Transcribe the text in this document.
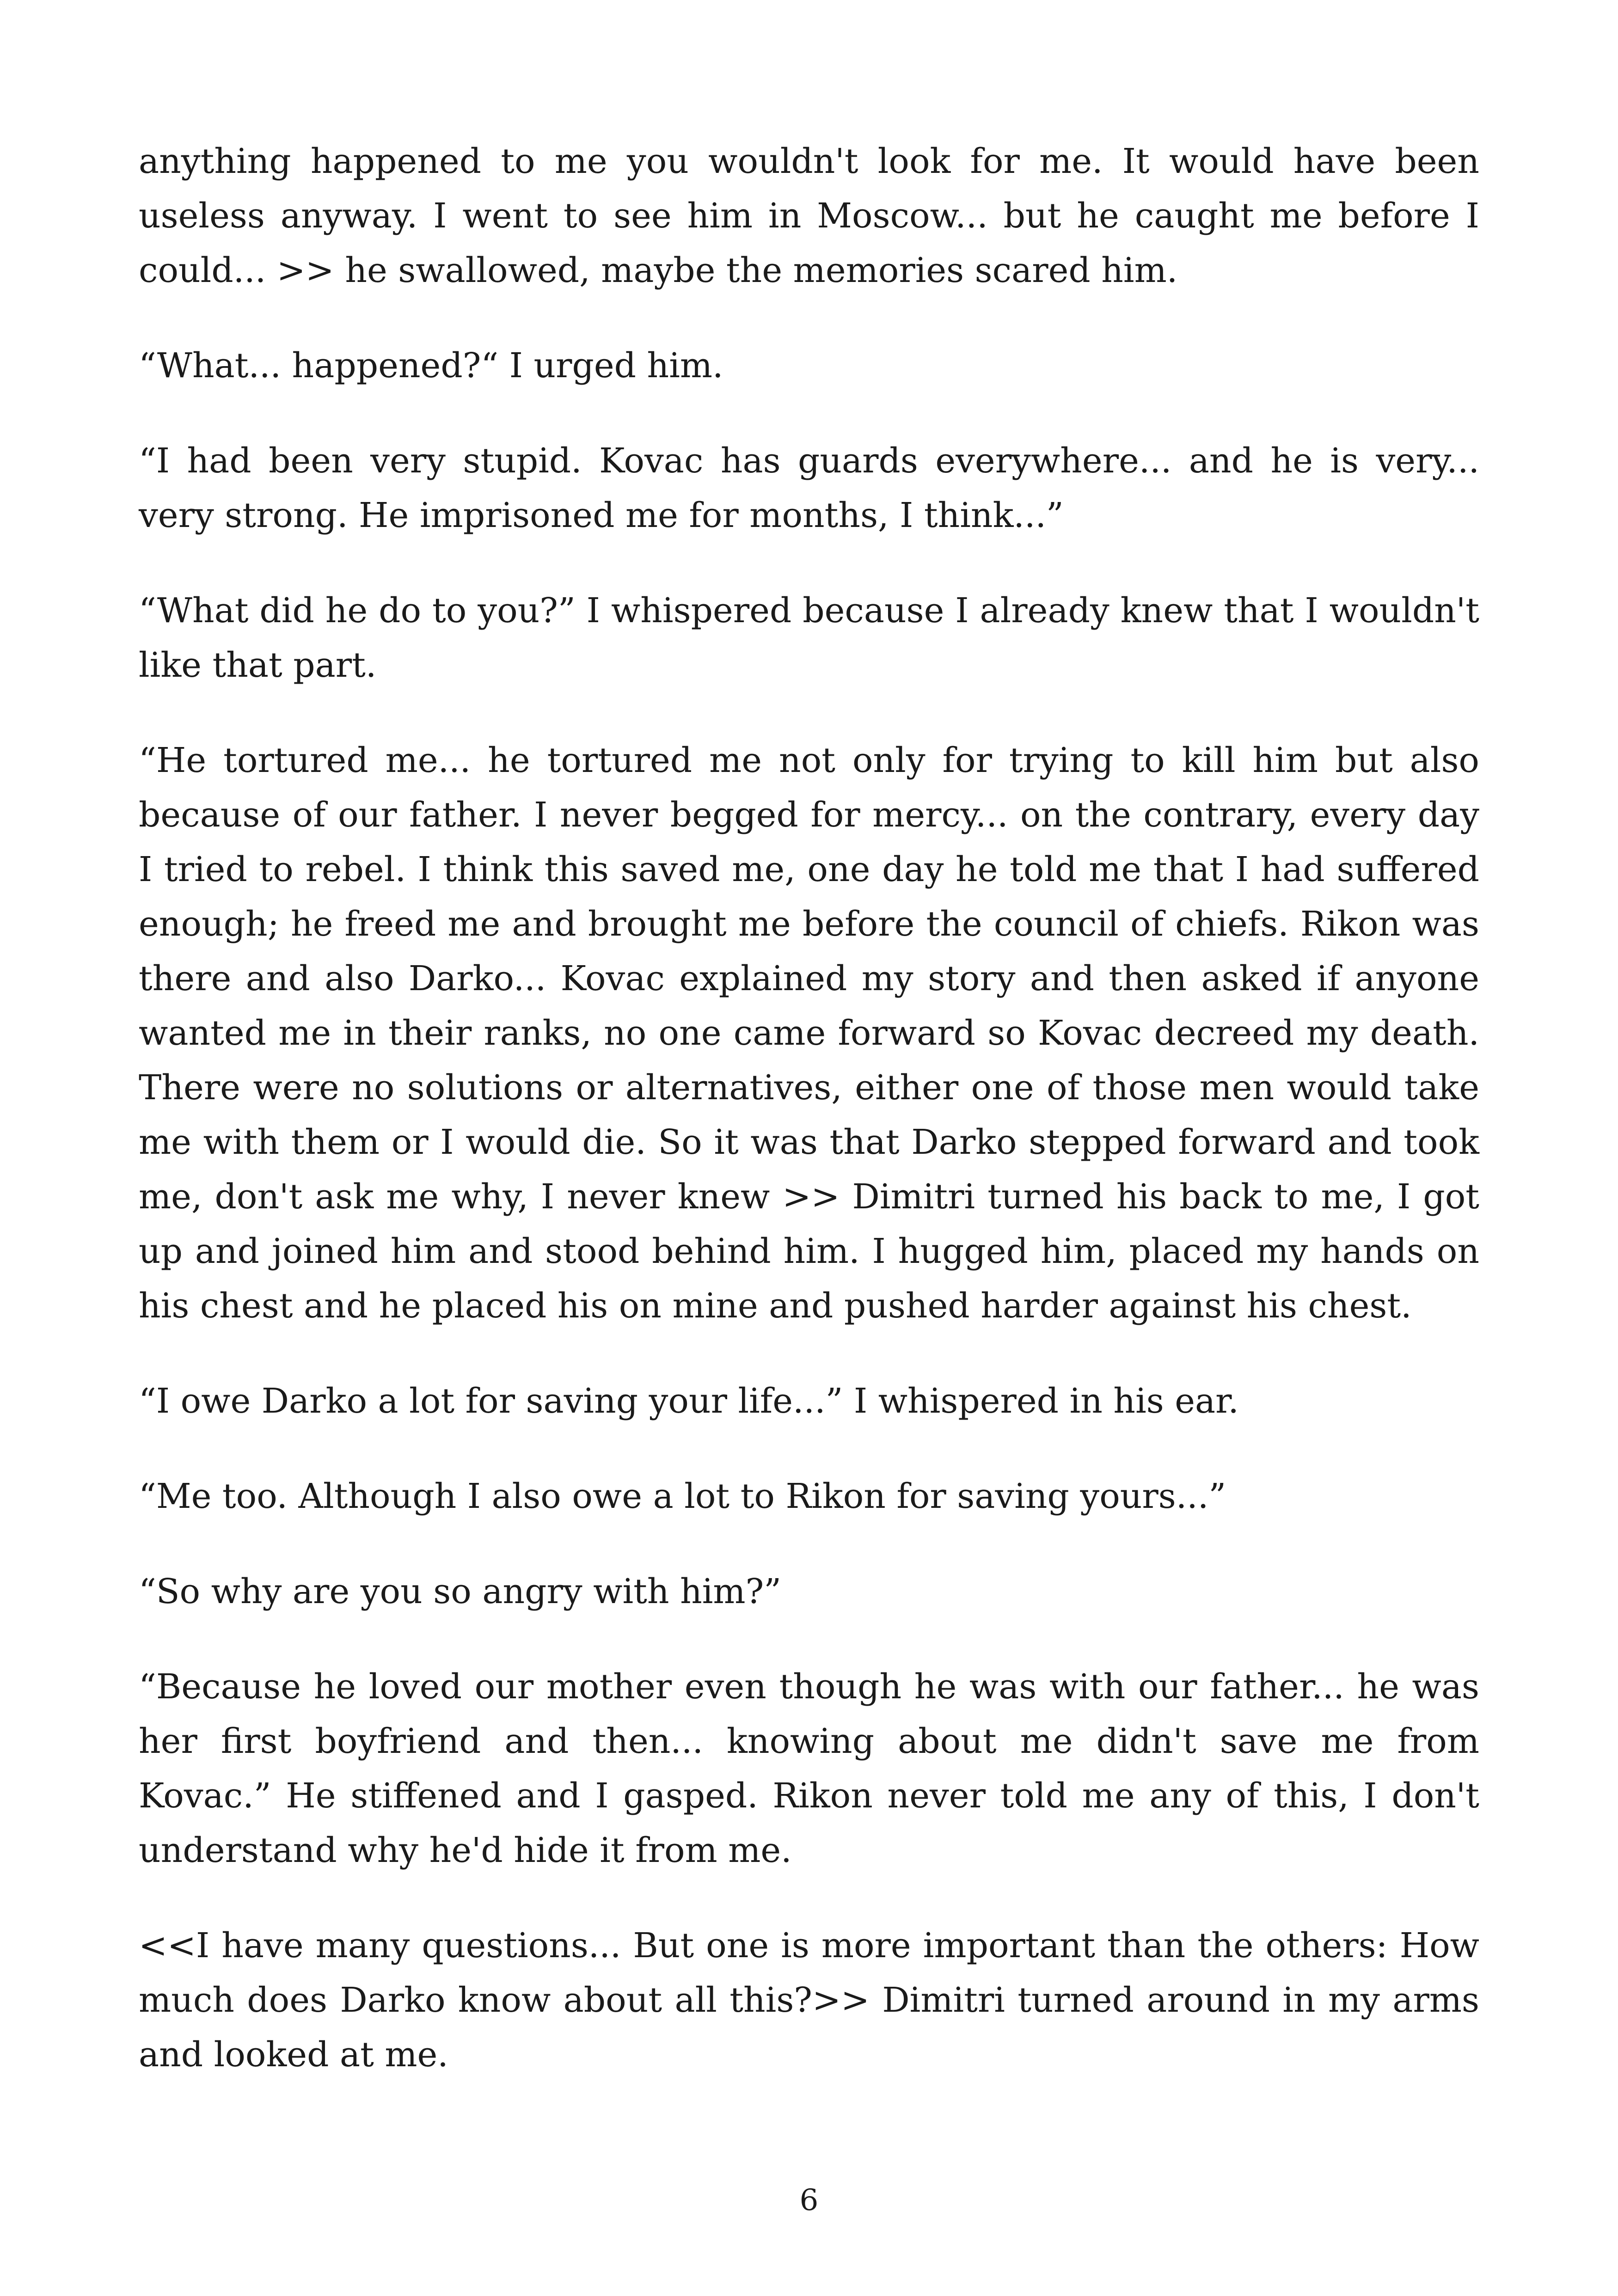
anything happened to me you wouldn't look for me. It would have been useless anyway. I went to see him in Moscow... but he caught me before I could... >> he swallowed, maybe the memories scared him.

“What... happened?“ I urged him.

“I had been very stupid. Kovac has guards everywhere... and he is very... very strong. He imprisoned me for months, I think...”

“What did he do to you?” I whispered because I already knew that I wouldn't like that part.

“He tortured me... he tortured me not only for trying to kill him but also because of our father. I never begged for mercy... on the contrary, every day I tried to rebel. I think this saved me, one day he told me that I had suffered enough; he freed me and brought me before the council of chiefs. Rikon was there and also Darko... Kovac explained my story and then asked if anyone wanted me in their ranks, no one came forward so Kovac decreed my death. There were no solutions or alternatives, either one of those men would take me with them or I would die. So it was that Darko stepped forward and took me, don't ask me why, I never knew >> Dimitri turned his back to me, I got up and joined him and stood behind him. I hugged him, placed my hands on his chest and he placed his on mine and pushed harder against his chest.

“I owe Darko a lot for saving your life...” I whispered in his ear.

“Me too. Although I also owe a lot to Rikon for saving yours...”

“So why are you so angry with him?”

“Because he loved our mother even though he was with our father... he was her first boyfriend and then... knowing about me didn't save me from Kovac.” He stiffened and I gasped. Rikon never told me any of this, I don't understand why he'd hide it from me.

<<I have many questions... But one is more important than the others: How much does Darko know about all this?>> Dimitri turned around in my arms and looked at me.

6
